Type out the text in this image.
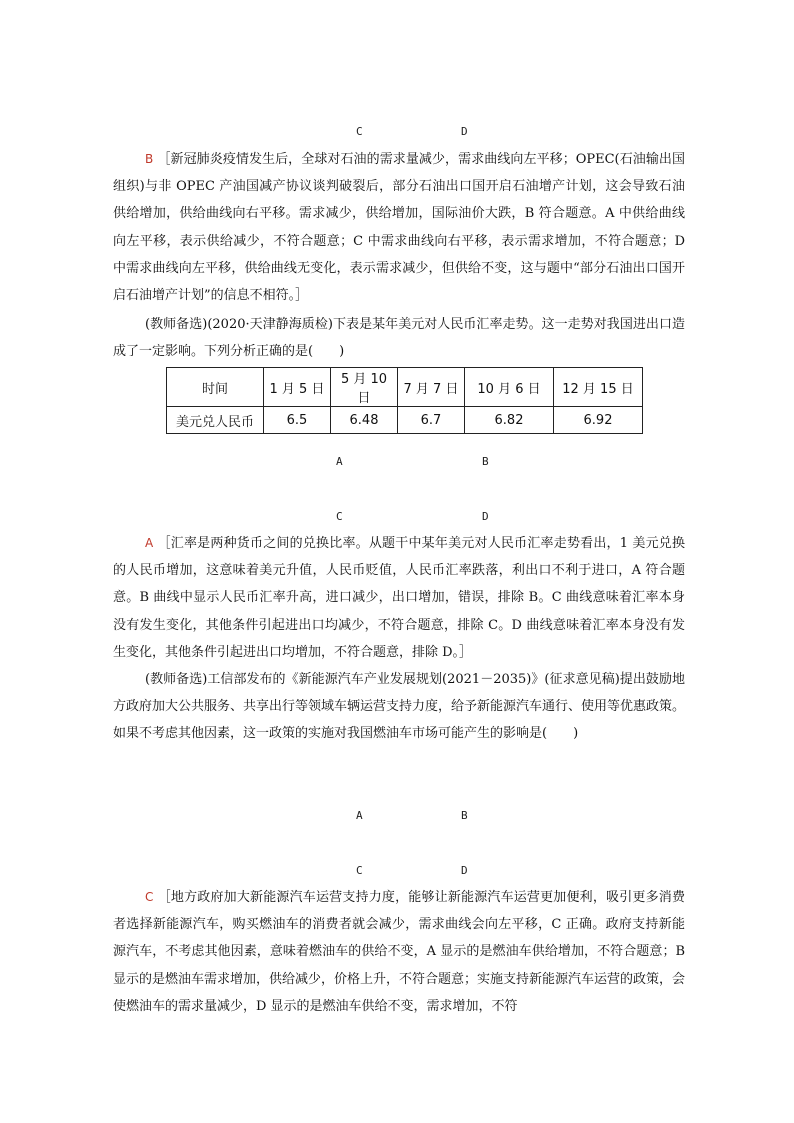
C	D

B ［新冠肺炎疫情发生后，全球对石油的需求量减少，需求曲线向左平移；OPEC(石油输出国组织)与非 OPEC 产油国减产协议谈判破裂后，部分石油出口国开启石油增产计划，这会导致石油供给增加，供给曲线向右平移。需求减少，供给增加，国际油价大跌，B 符合题意。A 中供给曲线向左平移，表示供给减少，不符合题意；C 中需求曲线向右平移，表示需求增加，不符合题意；D 中需求曲线向左平移，供给曲线无变化，表示需求减少，但供给不变，这与题中“部分石油出口国开启石油增产计划”的信息不相符。］

(教师备选)(2020·天津静海质检)下表是某年美元对人民币汇率走势。这一走势对我国进出口造成了一定影响。下列分析正确的是(　　)

时间	1 月 5 日	5 月 10 日	7 月 7 日	10 月 6 日	12 月 15 日
美元兑人民币	6.5	6.48	6.7	6.82	6.92
A	B
C	D

A ［汇率是两种货币之间的兑换比率。从题干中某年美元对人民币汇率走势看出，1 美元兑换的人民币增加，这意味着美元升值，人民币贬值，人民币汇率跌落，利出口不利于进口，A 符合题意。B 曲线中显示人民币汇率升高，进口减少，出口增加，错误，排除 B。C 曲线意味着汇率本身没有发生变化，其他条件引起进出口均减少，不符合题意，排除 C。D 曲线意味着汇率本身没有发生变化，其他条件引起进出口均增加，不符合题意，排除 D。］

(教师备选)工信部发布的《新能源汽车产业发展规划(2021－2035)》(征求意见稿)提出鼓励地方政府加大公共服务、共享出行等领域车辆运营支持力度，给予新能源汽车通行、使用等优惠政策。如果不考虑其他因素，这一政策的实施对我国燃油车市场可能产生的影响是(　　)

A	B
C	D

C ［地方政府加大新能源汽车运营支持力度，能够让新能源汽车运营更加便利，吸引更多消费者选择新能源汽车，购买燃油车的消费者就会减少，需求曲线会向左平移，C 正确。政府支持新能源汽车，不考虑其他因素，意味着燃油车的供给不变，A 显示的是燃油车供给增加，不符合题意；B 显示的是燃油车需求增加，供给减少，价格上升，不符合题意；实施支持新能源汽车运营的政策，会使燃油车的需求量减少，D 显示的是燃油车供给不变，需求增加，不符
